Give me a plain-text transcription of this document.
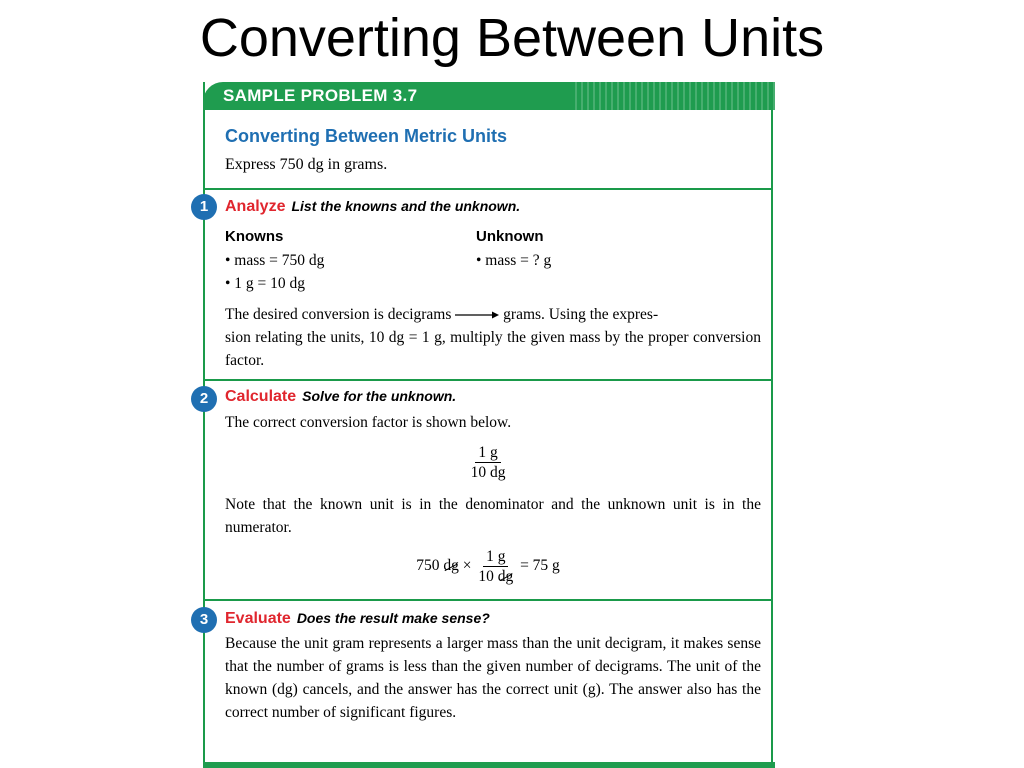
Converting Between Units
SAMPLE PROBLEM 3.7
Converting Between Metric Units
Express 750 dg in grams.
1	Analyze List the knowns and the unknown.
Knowns
• mass = 750 dg
• 1 g = 10 dg
Unknown
• mass = ? g
The desired conversion is decigrams	grams. Using the expres-
sion relating the units, 10 dg = 1 g, multiply the given mass by the proper conversion factor.
2	Calculate Solve for the unknown.
The correct conversion factor is shown below.
$\frac{1 g}{10 dg}$
Note that the known unit is in the denominator and the unknown unit is in the numerator.
750 dg × $\frac{1 g}{10 dg} = 75$ g
3	Evaluate Does the result make sense?
Because the unit gram represents a larger mass than the unit decigram, it makes sense that the number of grams is less than the given number of decigrams. The unit of the known (dg) cancels, and the answer has the correct unit (g). The answer also has the correct number of significant figures.
